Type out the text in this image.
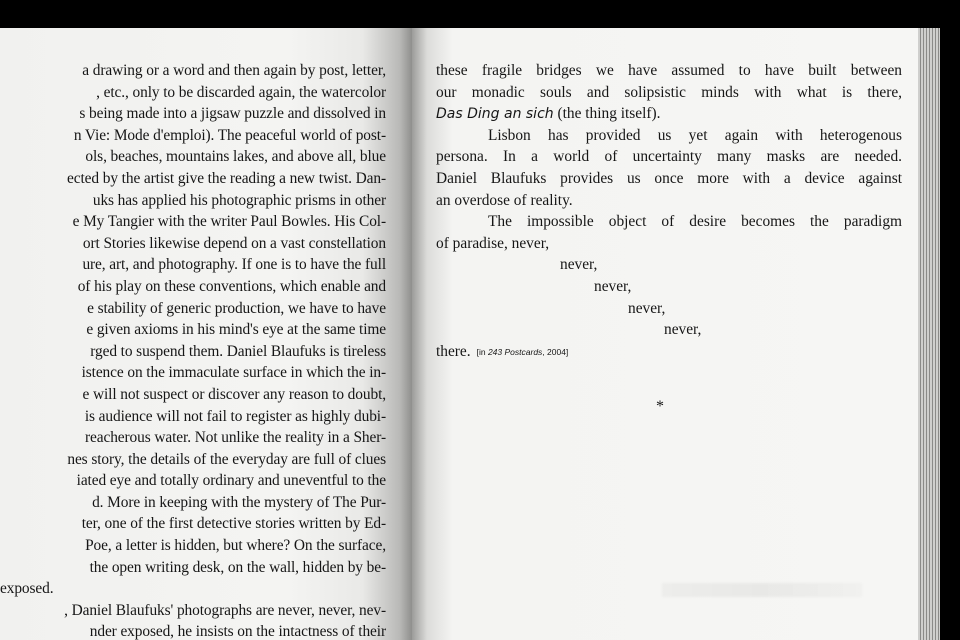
a drawing or a word and then again by post, letter,
, etc., only to be discarded again, the watercolor
s being made into a jigsaw puzzle and dissolved in
n Vie: Mode d'emploi). The peaceful world of post-
ols, beaches, mountains lakes, and above all, blue
ected by the artist give the reading a new twist. Dan-
uks has applied his photographic prisms in other
e My Tangier with the writer Paul Bowles. His Col-
ort Stories likewise depend on a vast constellation
ure, art, and photography. If one is to have the full
of his play on these conventions, which enable and
e stability of generic production, we have to have
e given axioms in his mind's eye at the same time
rged to suspend them. Daniel Blaufuks is tireless
istence on the immaculate surface in which the in-
e will not suspect or discover any reason to doubt,
is audience will not fail to register as highly dubi-
reacherous water. Not unlike the reality in a Sher-
nes story, the details of the everyday are full of clues
iated eye and totally ordinary and uneventful to the
d. More in keeping with the mystery of The Pur-
ter, one of the first detective stories written by Ed-
Poe, a letter is hidden, but where? On the surface,
the open writing desk, on the wall, hidden by be-
exposed.
, Daniel Blaufuks' photographs are never, never, nev-
nder exposed, he insists on the intactness of their
these fragile bridges we have assumed to have built between
our monadic souls and solipsistic minds with what is there,
Das Ding an sich (the thing itself).
Lisbon has provided us yet again with heterogenous
persona. In a world of uncertainty many masks are needed.
Daniel Blaufuks provides us once more with a device against
an overdose of reality.
The impossible object of desire becomes the paradigm
of paradise, never,
never,
never,
never,
never,
there. [in 243 Postcards, 2004]
*
